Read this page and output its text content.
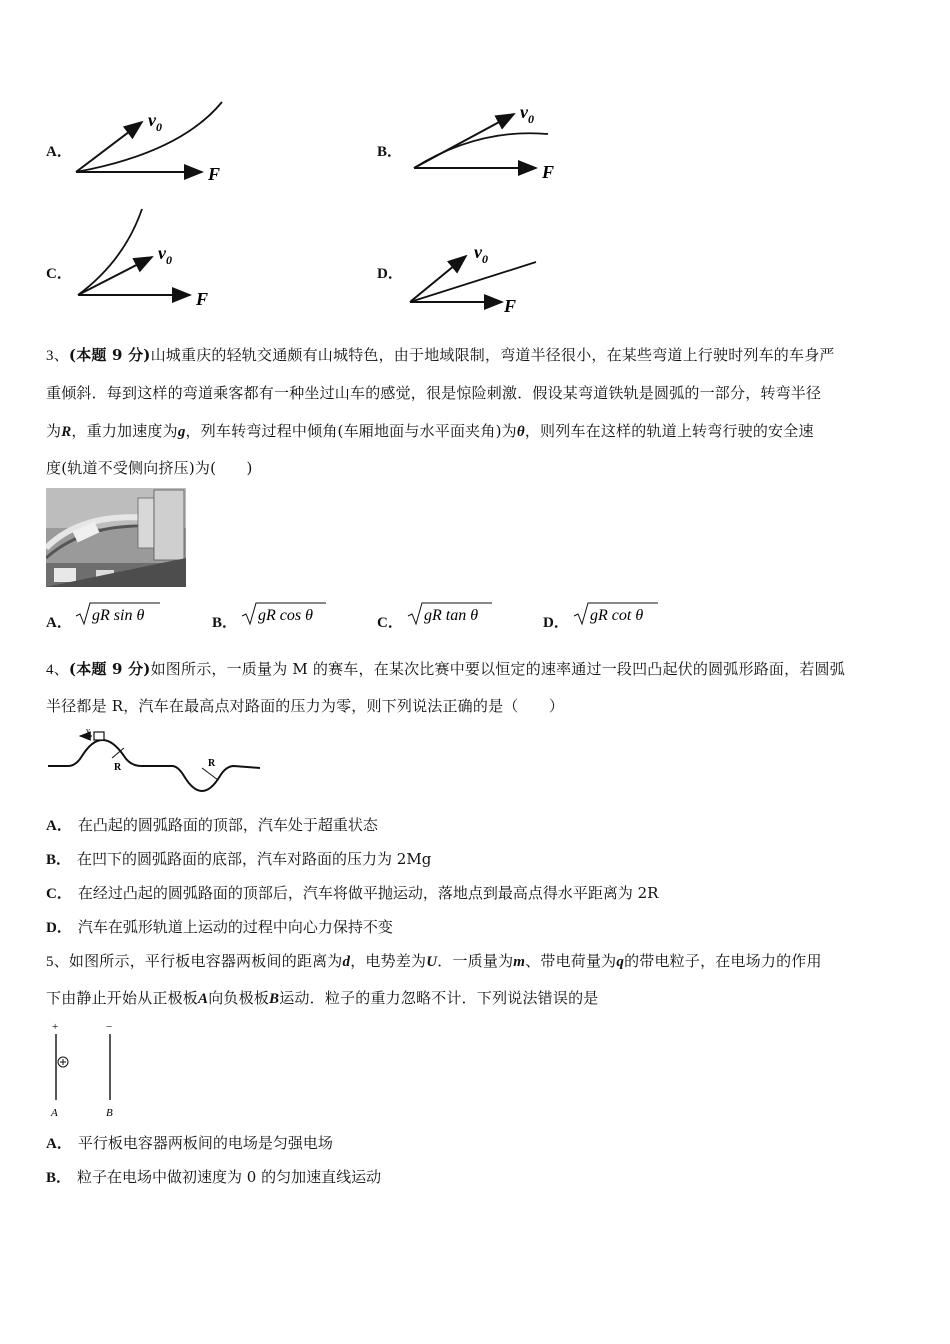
A．
F
$v_0$
B．
F
$v_0$
C．
F
$v_0$
D．
F
$v_0$
3、(本题 9 分)山城重庆的轻轨交通颇有山城特色，由于地域限制，弯道半径很小，在某些弯道上行驶时列车的车身严
重倾斜．每到这样的弯道乘客都有一种坐过山车的感觉，很是惊险刺激．假设某弯道铁轨是圆弧的一部分，转弯半径
为R，重力加速度为g，列车转弯过程中倾角(车厢地面与水平面夹角)为θ，则列车在这样的轨道上转弯行驶的安全速
度(轨道不受侧向挤压)为(　　)
A．	gR sin θ	B．	gR cos θ	C．	gR tan θ	D．	gR cot θ
4、(本题 9 分)如图所示，一质量为 M 的赛车，在某次比赛中要以恒定的速率通过一段凹凸起伏的圆弧形路面，若圆弧
半径都是 R，汽车在最高点对路面的压力为零，则下列说法正确的是（　　）
v
R	R
A． 在凸起的圆弧路面的顶部，汽车处于超重状态
B． 在凹下的圆弧路面的底部，汽车对路面的压力为 2Mg
C． 在经过凸起的圆弧路面的顶部后，汽车将做平抛运动，落地点到最高点得水平距离为 2R
D． 汽车在弧形轨道上运动的过程中向心力保持不变
5、如图所示，平行板电容器两板间的距离为d，电势差为U．一质量为m、带电荷量为q的带电粒子，在电场力的作用
下由静止开始从正极板A向负极板B运动．粒子的重力忽略不计．下列说法错误的是
+	−
A	B
A． 平行板电容器两板间的电场是匀强电场
B． 粒子在电场中做初速度为 0 的匀加速直线运动
